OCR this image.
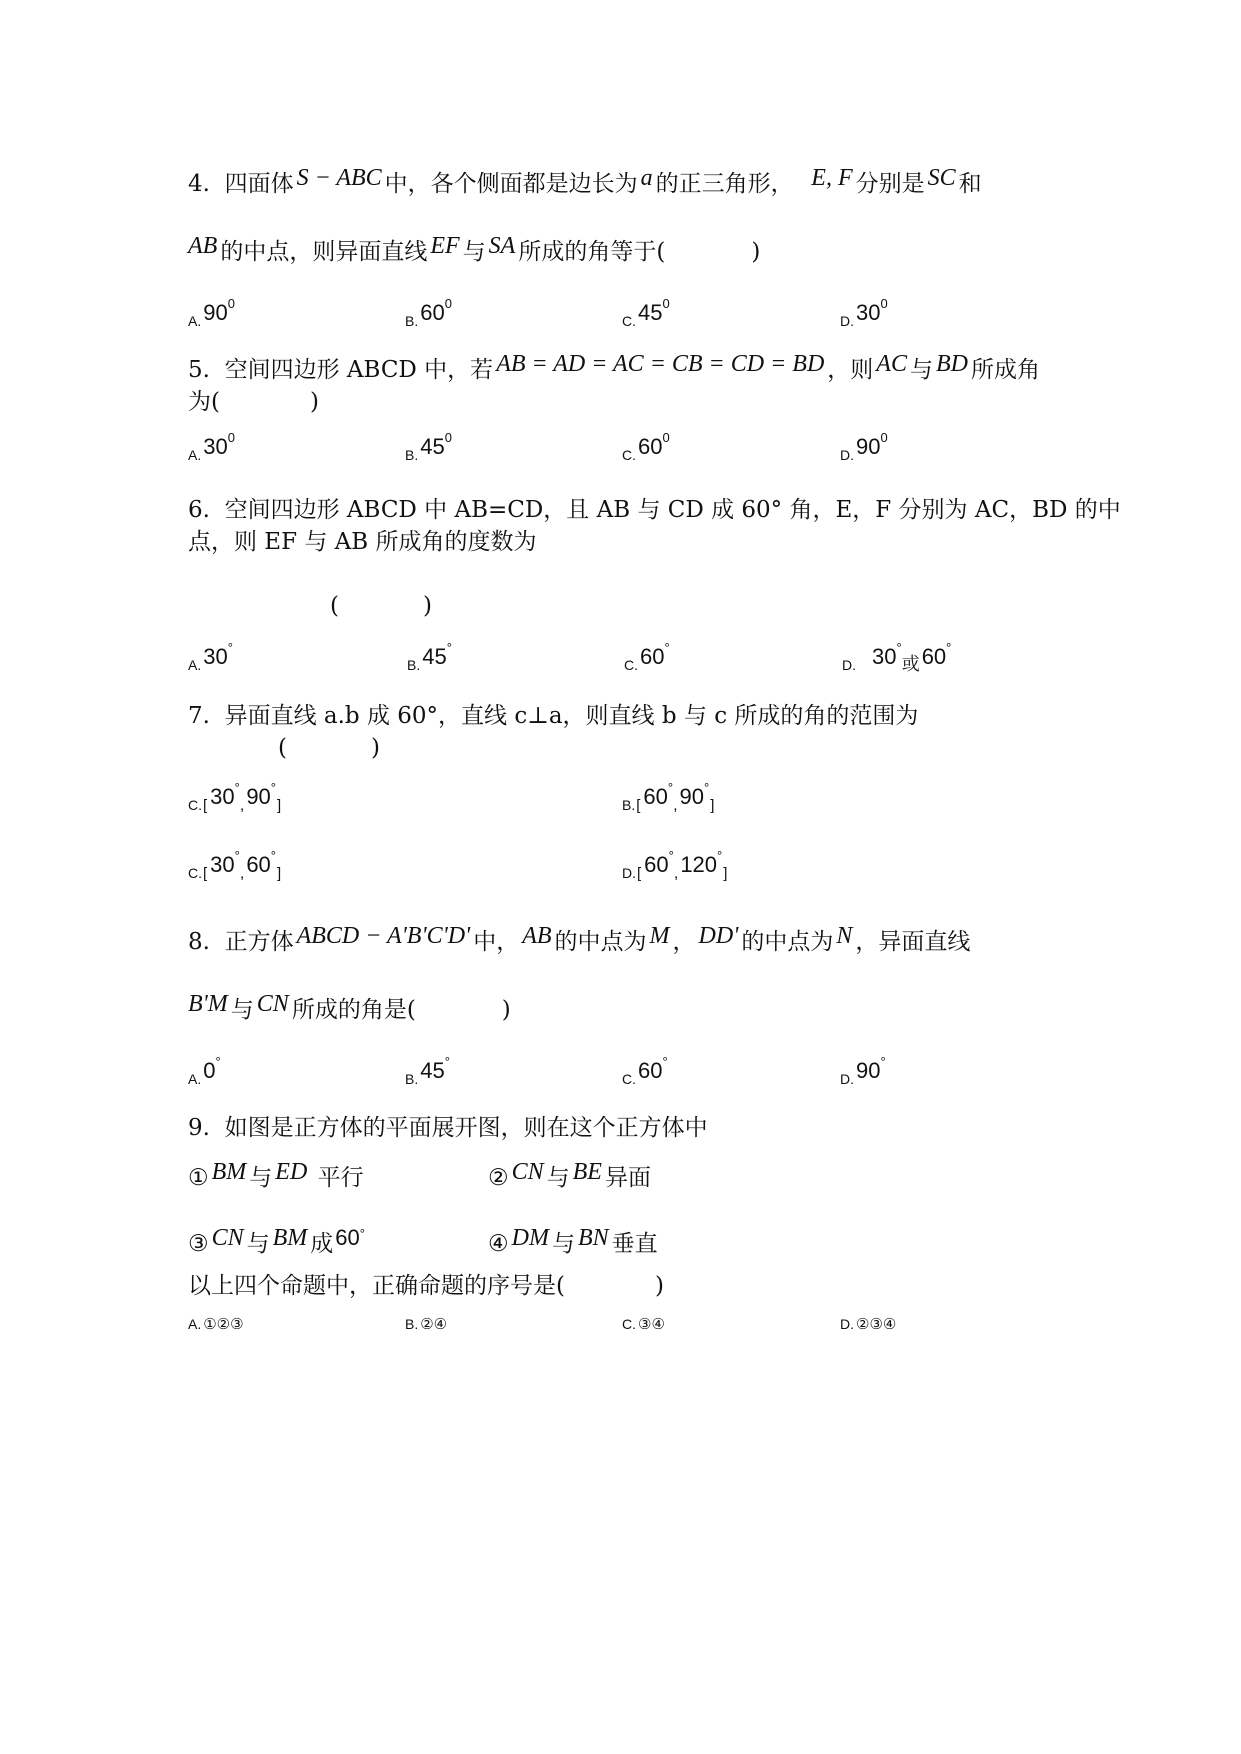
4. 四面体 S − ABC 中，各个侧面都是边长为 a 的正三角形， E, F 分别是 SC 和
AB 的中点，则异面直线 EF 与 SA 所成的角等于(	)
$A.90^0$
$B.60^0$
$C.45^0$
$D.30^0$
5. 空间四边形 ABCD 中，若 AB = AD = AC = CB = CD = BD ，则 AC 与 BD 所成角
为(	)
$A.30^0$
$B.45^0$
$C.60^0$
$D.90^0$
6. 空间四边形 ABCD 中 AB=CD，且 AB 与 CD 成 60° 角，E，F 分别为 AC，BD 的中
点，则 EF 与 AB 所成角的度数为
(	)
A.30°
B.45°
C.60°
D. 30°或60°
7. 异面直线 a.b 成 60°，直线 c⊥a，则直线 b 与 c 所成的角的范围为
(	)
C.[ 30°,90°]	B.[ 60°,90°]
C.[ 30°,60°]	D.[ 60°,120°]
8. 正方体 ABCD − A'B'C'D' 中， AB 的中点为 M ， DD' 的中点为 N ，异面直线
B'M 与 CN 所成的角是(	)
A.0°
B.45°
C.60°
D.90°
9. 如图是正方体的平面展开图，则在这个正方体中
① BM 与 ED 平行	② CN 与 BE 异面
③ CN 与 BM 成60°	④ DM 与 BN 垂直
以上四个命题中，正确命题的序号是(	)
A. ①②③	B. ②④	C. ③④	D. ②③④
